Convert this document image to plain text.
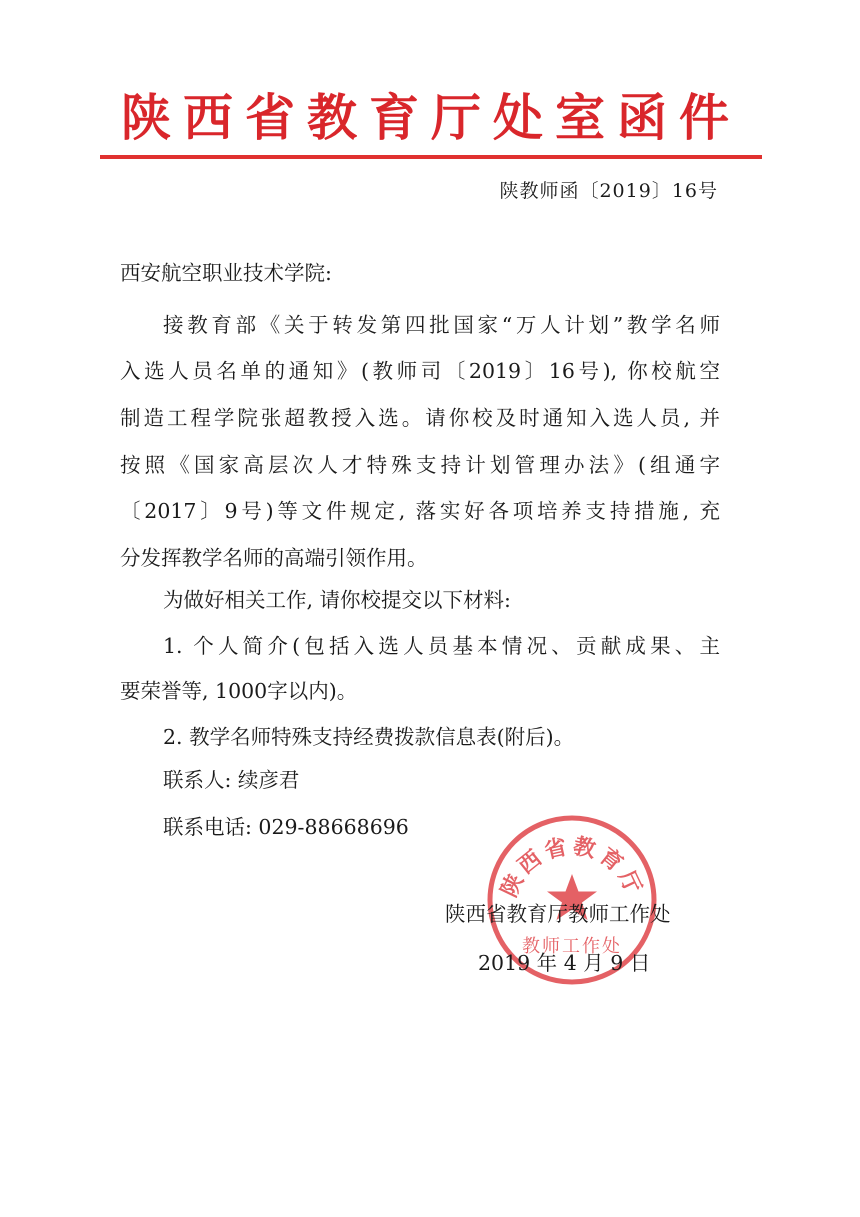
陕西省教育厅处室函件
陕教师函〔2019〕16号
西安航空职业技术学院:
接教育部《关于转发第四批国家“万人计划”教学名师
入选人员名单的通知》(教师司〔2019〕16号), 你校航空
制造工程学院张超教授入选。请你校及时通知入选人员, 并
按照《国家高层次人才特殊支持计划管理办法》(组通字
〔2017〕9号)等文件规定, 落实好各项培养支持措施, 充
分发挥教学名师的高端引领作用。
为做好相关工作, 请你校提交以下材料:
1. 个人简介(包括入选人员基本情况、贡献成果、主
要荣誉等, 1000字以内)。
2. 教学名师特殊支持经费拨款信息表(附后)。
联系人: 续彦君
联系电话: 029-88668696
陕西省教育厅
教师工作处
陕西省教育厅教师工作处
2019 年 4 月 9 日
